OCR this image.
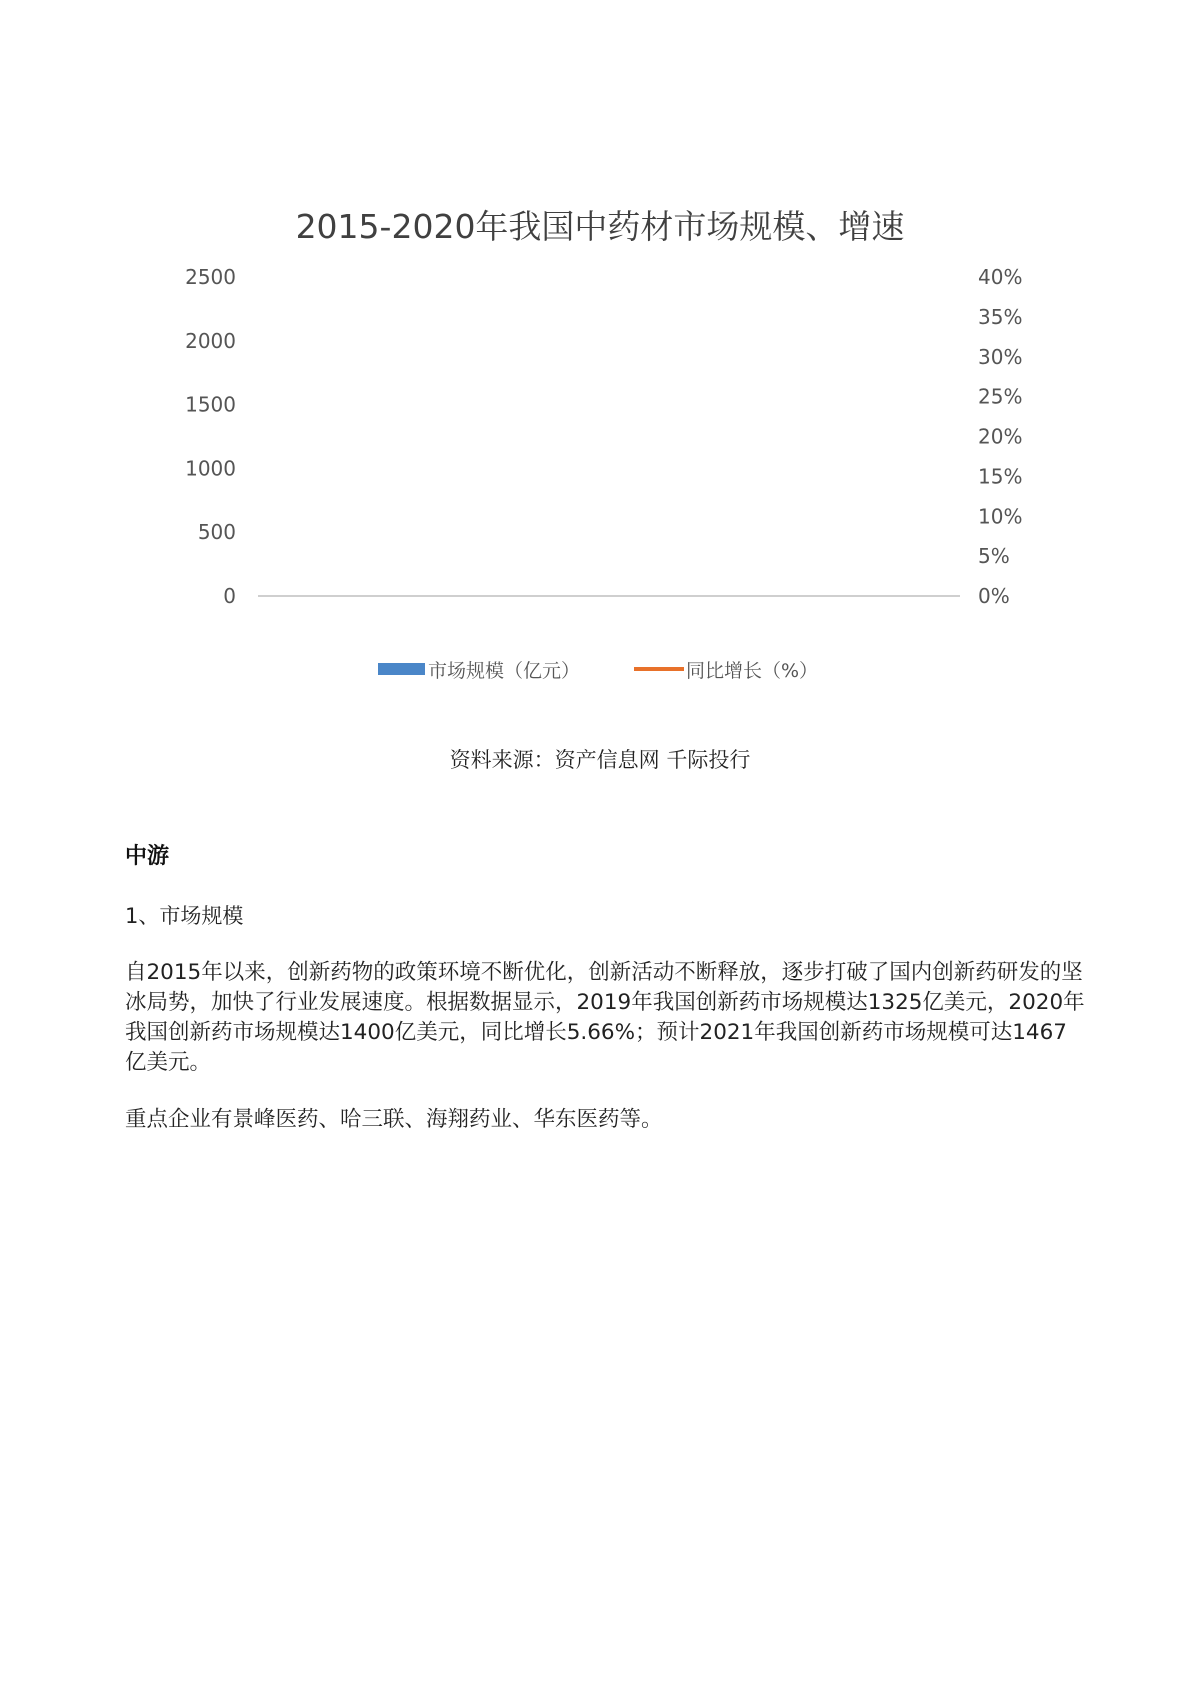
2015-2020年我国中药材市场规模、增速
0
500
1000
1500
2000
2500
0%
5%
10%
15%
20%
25%
30%
35%
40%
市场规模（亿元）	同比增长（%）
资料来源：资产信息网 千际投行
中游
1、市场规模

自2015年以来，创新药物的政策环境不断优化，创新活动不断释放，逐步打破了国内创新药研发的坚冰局势，加快了行业发展速度。根据数据显示，2019年我国创新药市场规模达1325亿美元，2020年我国创新药市场规模达1400亿美元，同比增长5.66%；预计2021年我国创新药市场规模可达1467亿美元。

重点企业有景峰医药、哈三联、海翔药业、华东医药等。
